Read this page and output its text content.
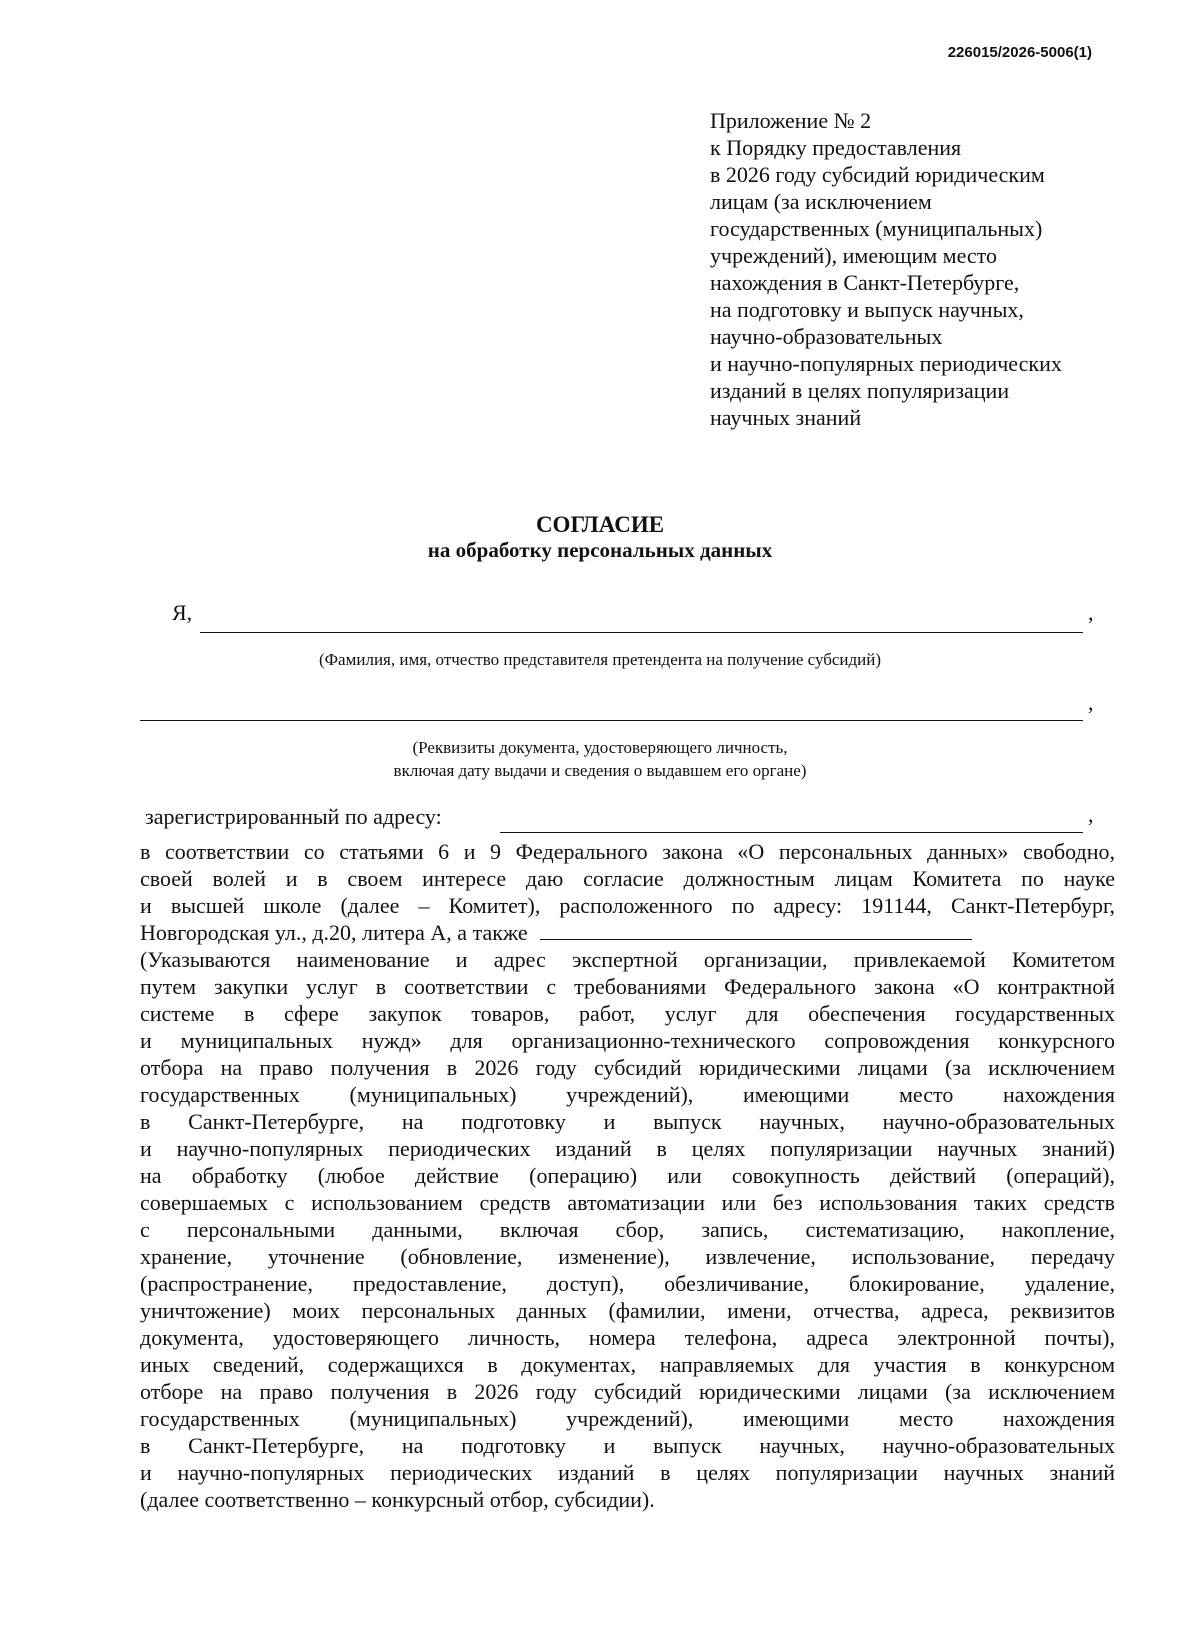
226015/2026-5006(1)
Приложение № 2
к Порядку предоставления
в 2026 году субсидий юридическим
лицам (за исключением
государственных (муниципальных)
учреждений), имеющим место
нахождения в Санкт-Петербурге,
на подготовку и выпуск научных,
научно-образовательных
и научно-популярных периодических
изданий в целях популяризации
научных знаний
СОГЛАСИЕ
на обработку персональных данных
Я,	,
(Фамилия, имя, отчество представителя претендента на получение субсидий)
,
(Реквизиты документа, удостоверяющего личность,
включая дату выдачи и сведения о выдавшем его органе)
зарегистрированный по адресу:	,
в соответствии со статьями 6 и 9 Федерального закона «О персональных данных» свободно,
своей волей и в своем интересе даю согласие должностным лицам Комитета по науке
и высшей школе (далее – Комитет), расположенного по адресу: 191144, Санкт-Петербург,
Новгородская ул., д.20, литера А, а также
(Указываются наименование и адрес экспертной организации, привлекаемой Комитетом
путем закупки услуг в соответствии с требованиями Федерального закона «О контрактной
системе в сфере закупок товаров, работ, услуг для обеспечения государственных
и муниципальных нужд» для организационно-технического сопровождения конкурсного
отбора на право получения в 2026 году субсидий юридическими лицами (за исключением
государственных (муниципальных) учреждений), имеющими место нахождения
в Санкт-Петербурге, на подготовку и выпуск научных, научно-образовательных
и научно-популярных периодических изданий в целях популяризации научных знаний)
на обработку (любое действие (операцию) или совокупность действий (операций),
совершаемых с использованием средств автоматизации или без использования таких средств
с персональными данными, включая сбор, запись, систематизацию, накопление,
хранение, уточнение (обновление, изменение), извлечение, использование, передачу
(распространение, предоставление, доступ), обезличивание, блокирование, удаление,
уничтожение) моих персональных данных (фамилии, имени, отчества, адреса, реквизитов
документа, удостоверяющего личность, номера телефона, адреса электронной почты),
иных сведений, содержащихся в документах, направляемых для участия в конкурсном
отборе на право получения в 2026 году субсидий юридическими лицами (за исключением
государственных (муниципальных) учреждений), имеющими место нахождения
в Санкт-Петербурге, на подготовку и выпуск научных, научно-образовательных
и научно-популярных периодических изданий в целях популяризации научных знаний
(далее соответственно – конкурсный отбор, субсидии).
